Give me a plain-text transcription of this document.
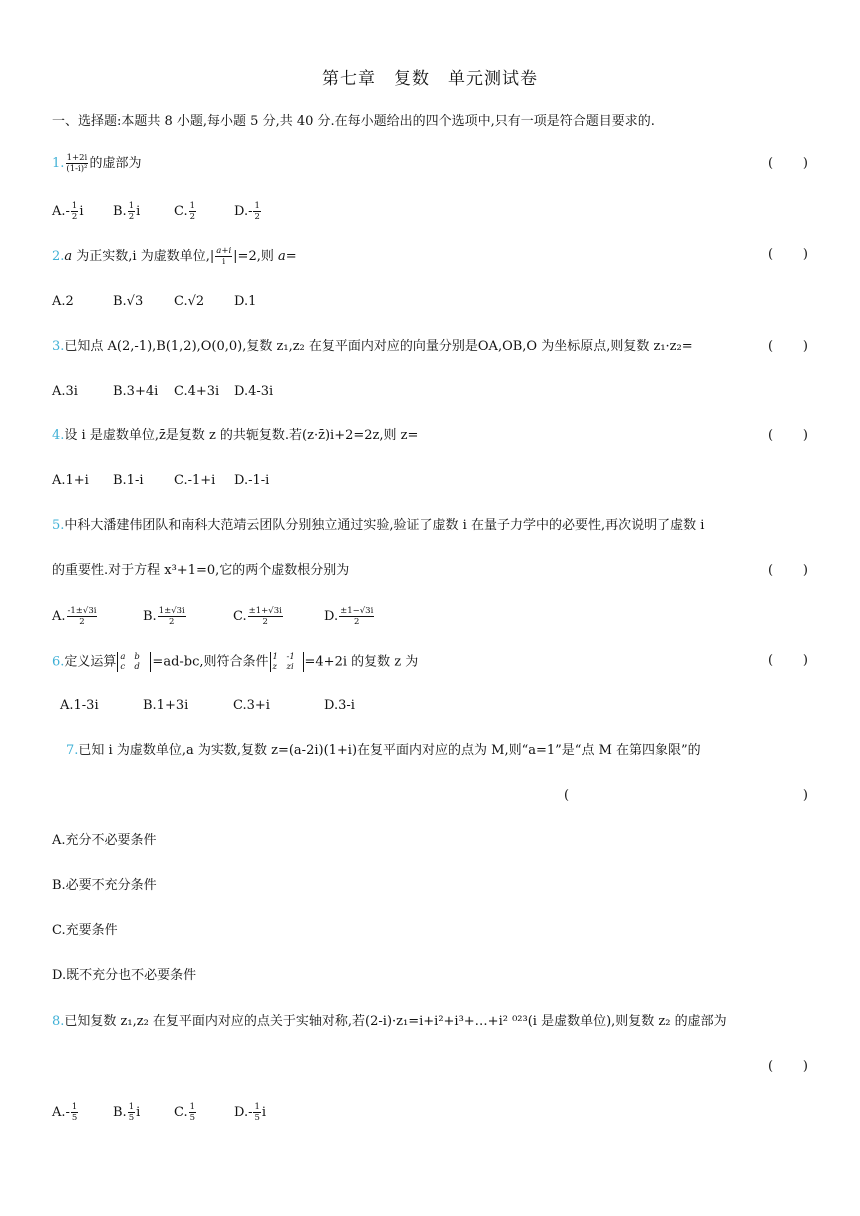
第七章　复数　单元测试卷
一、选择题:本题共 8 小题,每小题 5 分,共 40 分.在每小题给出的四个选项中,只有一项是符合题目要求的.
1. $\frac{1+2i}{\text{(1-i)²}}$ 的虚部为	( )
$A.- \frac{1}{2}$ i B. $\frac{1}{2}$ i	C. $\frac{1}{2}$	$D.- \frac{1}{2}$
2.a 为正实数,i 为虚数单位,| $\frac{a+i}{i} |=2$,则 a=	( )
A.2	B.√3 C.√2 D.1
3.已知点 A(2,-1),B(1,2),O(0,0),复数 z₁,z₂ 在复平面内对应的向量分别是OA,OB,O 为坐标原点,则复数 z₁·z₂=	( )
A.3i	B.3+4i C.4+3i D.4-3i
4.设 i 是虚数单位,z̄是复数 z 的共轭复数.若(z·z̄)i+2=2z,则 z=	( )
A.1+i B.1-i C.-1+i D.-1-i
5.中科大潘建伟团队和南科大范靖云团队分别独立通过实验,验证了虚数 i 在量子力学中的必要性,再次说明了虚数 i
的重要性.对于方程 x³+1=0,它的两个虚数根分别为	( )
A. $\frac{-1\pm√3i}{2}$	B. $\frac{1\pm√3i}{2}$	C. $\frac{\pm 1+√3i}{2}$	D. $\frac{\pm 1-√3i}{2}$
6.定义运算 a b
c d =ad-bc,则符合条件 1 -1
z zi =4+2i 的复数 z 为	( )
A.1-3i	B.1+3i	C.3+i	D.3-i
7.已知 i 为虚数单位,a 为实数,复数 z=(a-2i)(1+i)在复平面内对应的点为 M,则“a=1”是“点 M 在第四象限”的
(	)
A.充分不必要条件
B.必要不充分条件
C.充要条件
D.既不充分也不必要条件
8.已知复数 z₁,z₂ 在复平面内对应的点关于实轴对称,若(2-i)·z₁=i+i²+i³+…+i² ⁰²³(i 是虚数单位),则复数 z₂ 的虚部为
( )
$A.- \frac{1}{5}$	B. $\frac{1}{5}$ i	C. $\frac{1}{5}$	$D.- \frac{1}{5}$ i
